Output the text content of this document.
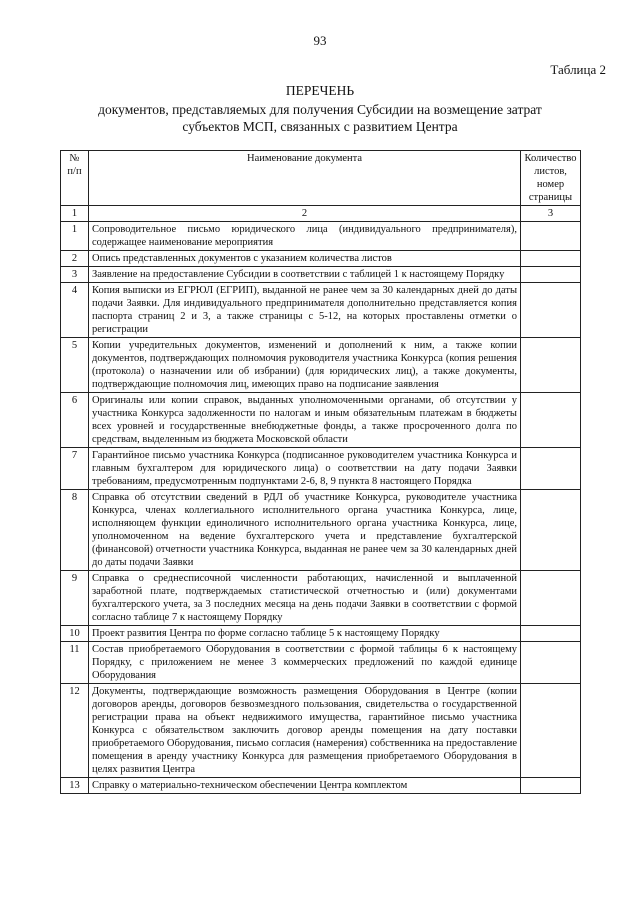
93
Таблица 2
ПЕРЕЧЕНЬ
документов, представляемых для получения Субсидии на возмещение затрат субъектов МСП, связанных с развитием Центра
№ п/п	Наименование документа	Количество листов, номер страницы
1	2	3
1	Сопроводительное письмо юридического лица (индивидуального предпринимателя), содержащее наименование мероприятия	
2	Опись представленных документов с указанием количества листов	
3	Заявление на предоставление Субсидии в соответствии с таблицей 1 к настоящему Порядку	
4	Копия выписки из ЕГРЮЛ (ЕГРИП), выданной не ранее чем за 30 календарных дней до даты подачи Заявки. Для индивидуального предпринимателя дополнительно представляется копия паспорта страниц 2 и 3, а также страницы с 5-12, на которых проставлены отметки о регистрации	
5	Копии учредительных документов, изменений и дополнений к ним, а также копии документов, подтверждающих полномочия руководителя участника Конкурса (копия решения (протокола) о назначении или об избрании) (для юридических лиц), а также документы, подтверждающие полномочия лиц, имеющих право на подписание заявления	
6	Оригиналы или копии справок, выданных уполномоченными органами, об отсутствии у участника Конкурса задолженности по налогам и иным обязательным платежам в бюджеты всех уровней и государственные внебюджетные фонды, а также просроченного долга по средствам, выделенным из бюджета Московской области	
7	Гарантийное письмо участника Конкурса (подписанное руководителем участника Конкурса и главным бухгалтером для юридического лица) о соответствии на дату подачи Заявки требованиям, предусмотренным подпунктами 2-6, 8, 9 пункта 8 настоящего Порядка	
8	Справка об отсутствии сведений в РДЛ об участнике Конкурса, руководителе участника Конкурса, членах коллегиального исполнительного органа участника Конкурса, лице, исполняющем функции единоличного исполнительного органа участника Конкурса, лице, уполномоченном на ведение бухгалтерского учета и представление бухгалтерской (финансовой) отчетности участника Конкурса, выданная не ранее чем за 30 календарных дней до даты подачи Заявки	
9	Справка о среднесписочной численности работающих, начисленной и выплаченной заработной плате, подтверждаемых статистической отчетностью и (или) документами бухгалтерского учета, за 3 последних месяца на день подачи Заявки в соответствии с формой согласно таблице 7 к настоящему Порядку	
10	Проект развития Центра по форме согласно таблице 5 к настоящему Порядку	
11	Состав приобретаемого Оборудования в соответствии с формой таблицы 6 к настоящему Порядку, с приложением не менее 3 коммерческих предложений по каждой единице Оборудования	
12	Документы, подтверждающие возможность размещения Оборудования в Центре (копии договоров аренды, договоров безвозмездного пользования, свидетельства о государственной регистрации права на объект недвижимого имущества, гарантийное письмо участника Конкурса с обязательством заключить договор аренды помещения на дату поставки приобретаемого Оборудования, письмо согласия (намерения) собственника на предоставление помещения в аренду участнику Конкурса для размещения приобретаемого Оборудования в целях развития Центра	
13	Справку о материально-техническом обеспечении Центра комплектом	
